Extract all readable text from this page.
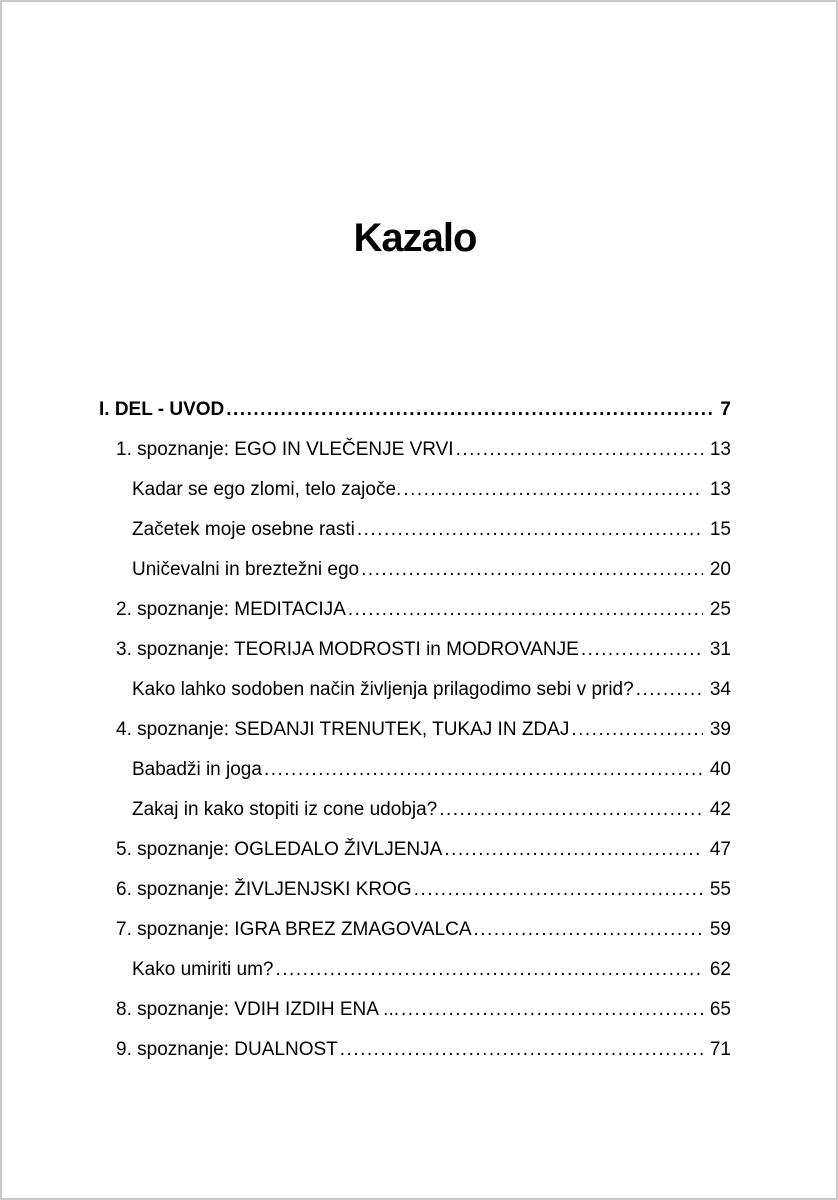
Kazalo
I. DEL - UVOD .....	7
1. spoznanje: EGO IN VLEČENJE VRVI .....	13
Kadar se ego zlomi, telo zajoče. .....	13
Začetek moje osebne rasti .....	15
Uničevalni in breztežni ego .....	20
2. spoznanje: MEDITACIJA .....	25
3. spoznanje: TEORIJA MODROSTI in MODROVANJE .....	31
Kako lahko sodoben način življenja prilagodimo sebi v prid? .....	34
4. spoznanje: SEDANJI TRENUTEK, TUKAJ IN ZDAJ .....	39
Babadži in joga .....	40
Zakaj in kako stopiti iz cone udobja? .....	42
5. spoznanje: OGLEDALO ŽIVLJENJA .....	47
6. spoznanje: ŽIVLJENJSKI KROG .....	55
7. spoznanje: IGRA BREZ ZMAGOVALCA .....	59
Kako umiriti um? .....	62
8. spoznanje: VDIH IZDIH ENA ... .....	65
9. spoznanje: DUALNOST .....	71
